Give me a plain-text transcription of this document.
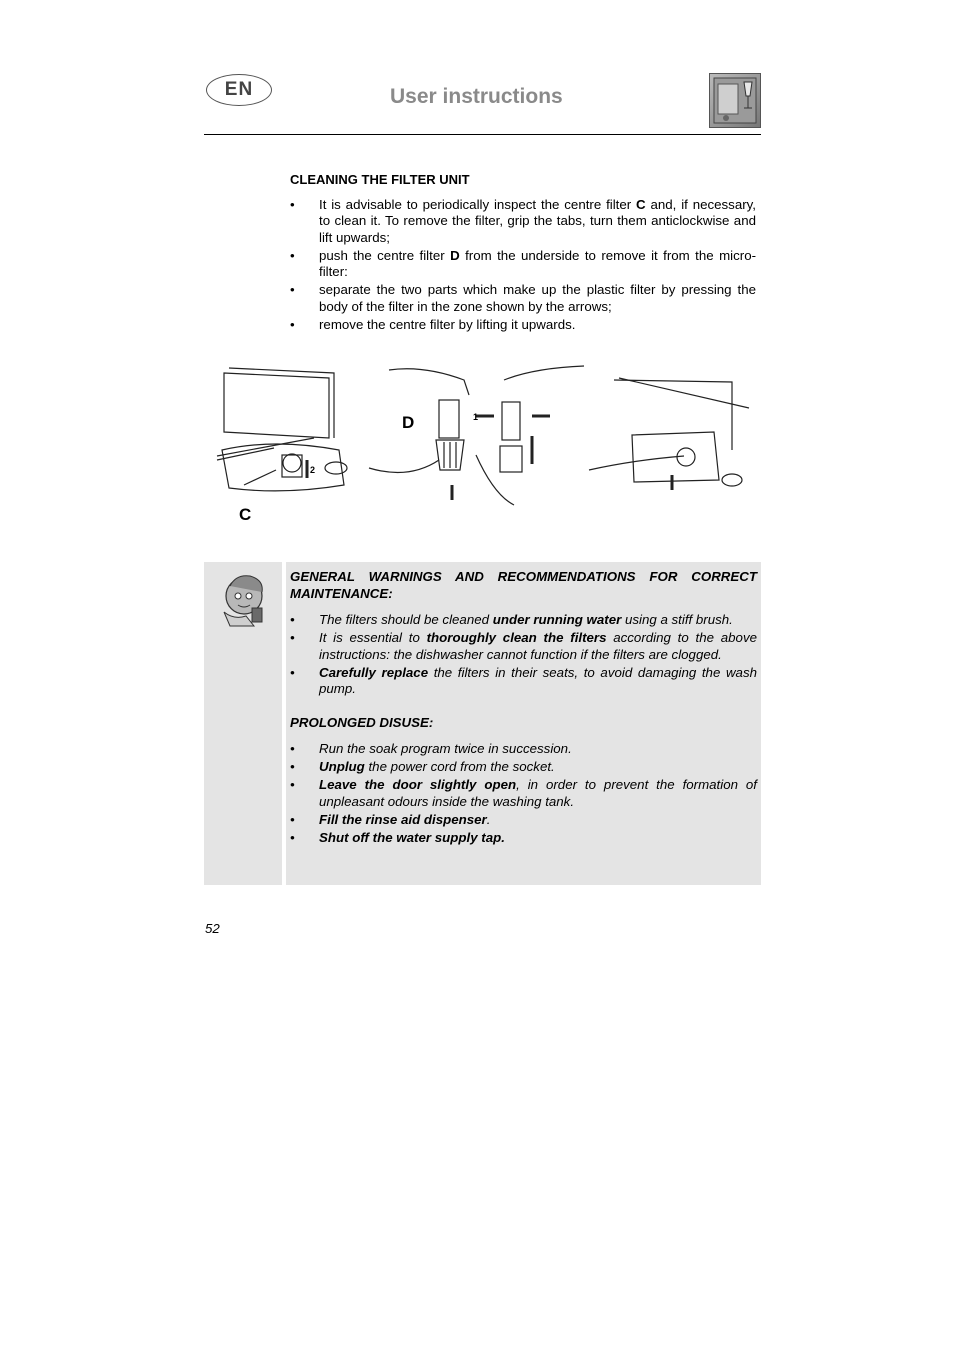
EN	User instructions
CLEANING THE FILTER UNIT
• It is advisable to periodically inspect the centre filter C and, if necessary, to clean it. To remove the filter, grip the tabs, turn them anticlockwise and lift upwards;
• push the centre filter D from the underside to remove it from the micro-filter:
• separate the two parts which make up the plastic filter by pressing the body of the filter in the zone shown by the arrows;
• remove the centre filter by lifting it upwards.
C
D	1
2
GENERAL WARNINGS AND RECOMMENDATIONS FOR CORRECT MAINTENANCE:
• The filters should be cleaned under running water using a stiff brush.
• It is essential to thoroughly clean the filters according to the above instructions: the dishwasher cannot function if the filters are clogged.
• Carefully replace the filters in their seats, to avoid damaging the wash pump.
PROLONGED DISUSE:
• Run the soak program twice in succession.
• Unplug the power cord from the socket.
• Leave the door slightly open, in order to prevent the formation of unpleasant odours inside the washing tank.
• Fill the rinse aid dispenser.
• Shut off the water supply tap.
52
